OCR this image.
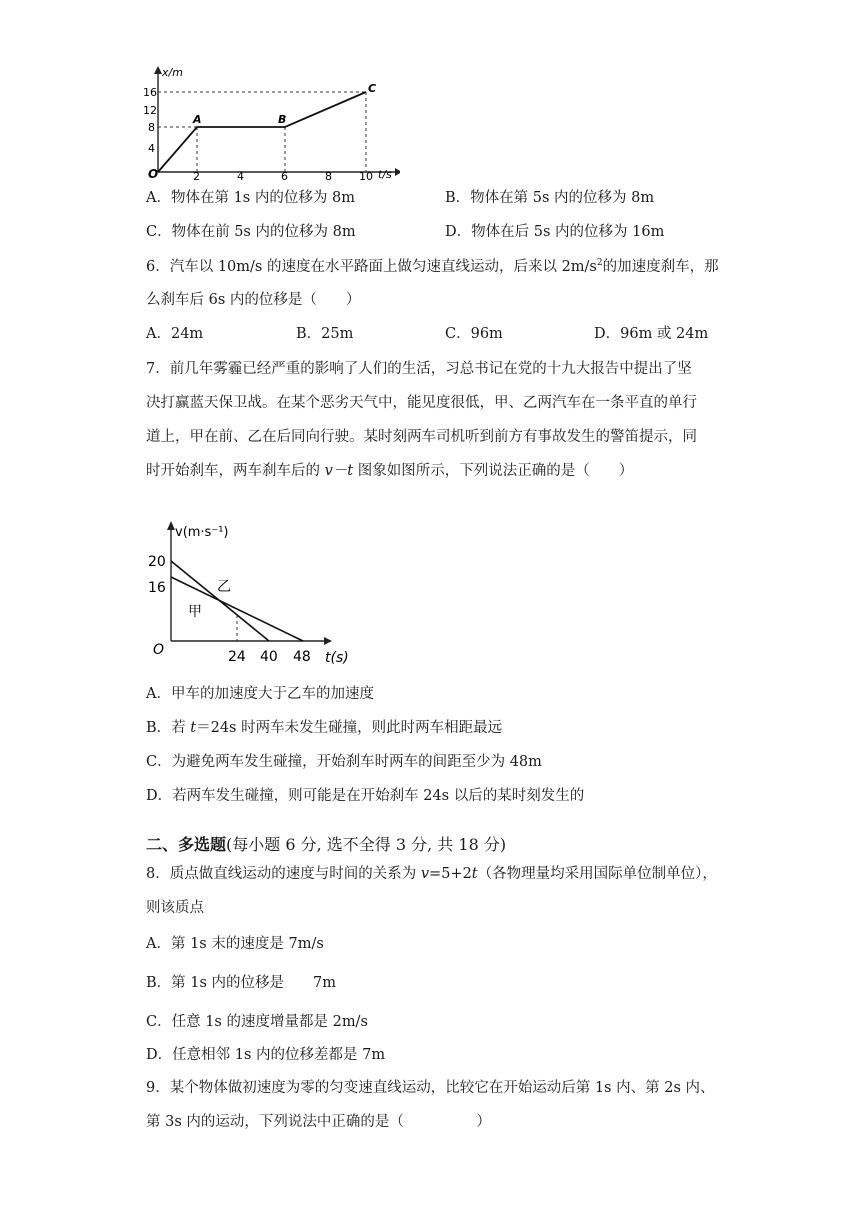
x/m
t/s
16
12
8
4
O	2	4	6	8 10
A	B
C
A．物体在第 1s 内的位移为 8m	B．物体在第 5s 内的位移为 8m
C．物体在前 5s 内的位移为 8m	D．物体在后 5s 内的位移为 16m
6．汽车以 10m/s 的速度在水平路面上做匀速直线运动，后来以 $2m/s^2$的加速度刹车，那
么刹车后 6s 内的位移是（　　）
A．24m	B．25m	C．96m	D．96m 或 24m
7．前几年雾霾已经严重的影响了人们的生活，习总书记在党的十九大报告中提出了坚
决打赢蓝天保卫战。在某个恶劣天气中，能见度很低，甲、乙两汽车在一条平直的单行
道上，甲在前、乙在后同向行驶。某时刻两车司机听到前方有事故发生的警笛提示，同
时开始刹车，两车刹车后的 v－t 图象如图所示，下列说法正确的是（　　）
v(m·s⁻¹)
t(s)
20
16
O	24 40 48
乙
甲
A．甲车的加速度大于乙车的加速度
B．若 t＝24s 时两车未发生碰撞，则此时两车相距最远
C．为避免两车发生碰撞，开始刹车时两车的间距至少为 48m
D．若两车发生碰撞，则可能是在开始刹车 24s 以后的某时刻发生的
二、多选题(每小题 6 分, 选不全得 3 分, 共 18 分)
8．质点做直线运动的速度与时间的关系为 v=5+2t（各物理量均采用国际单位制单位），
则该质点
A．第 1s 末的速度是 7m/s
B．第 1s 内的位移是　　7m
C．任意 1s 的速度增量都是 2m/s
D．任意相邻 1s 内的位移差都是 7m
9．某个物体做初速度为零的匀变速直线运动，比较它在开始运动后第 1s 内、第 2s 内、
第 3s 内的运动，下列说法中正确的是（　　　　　）
